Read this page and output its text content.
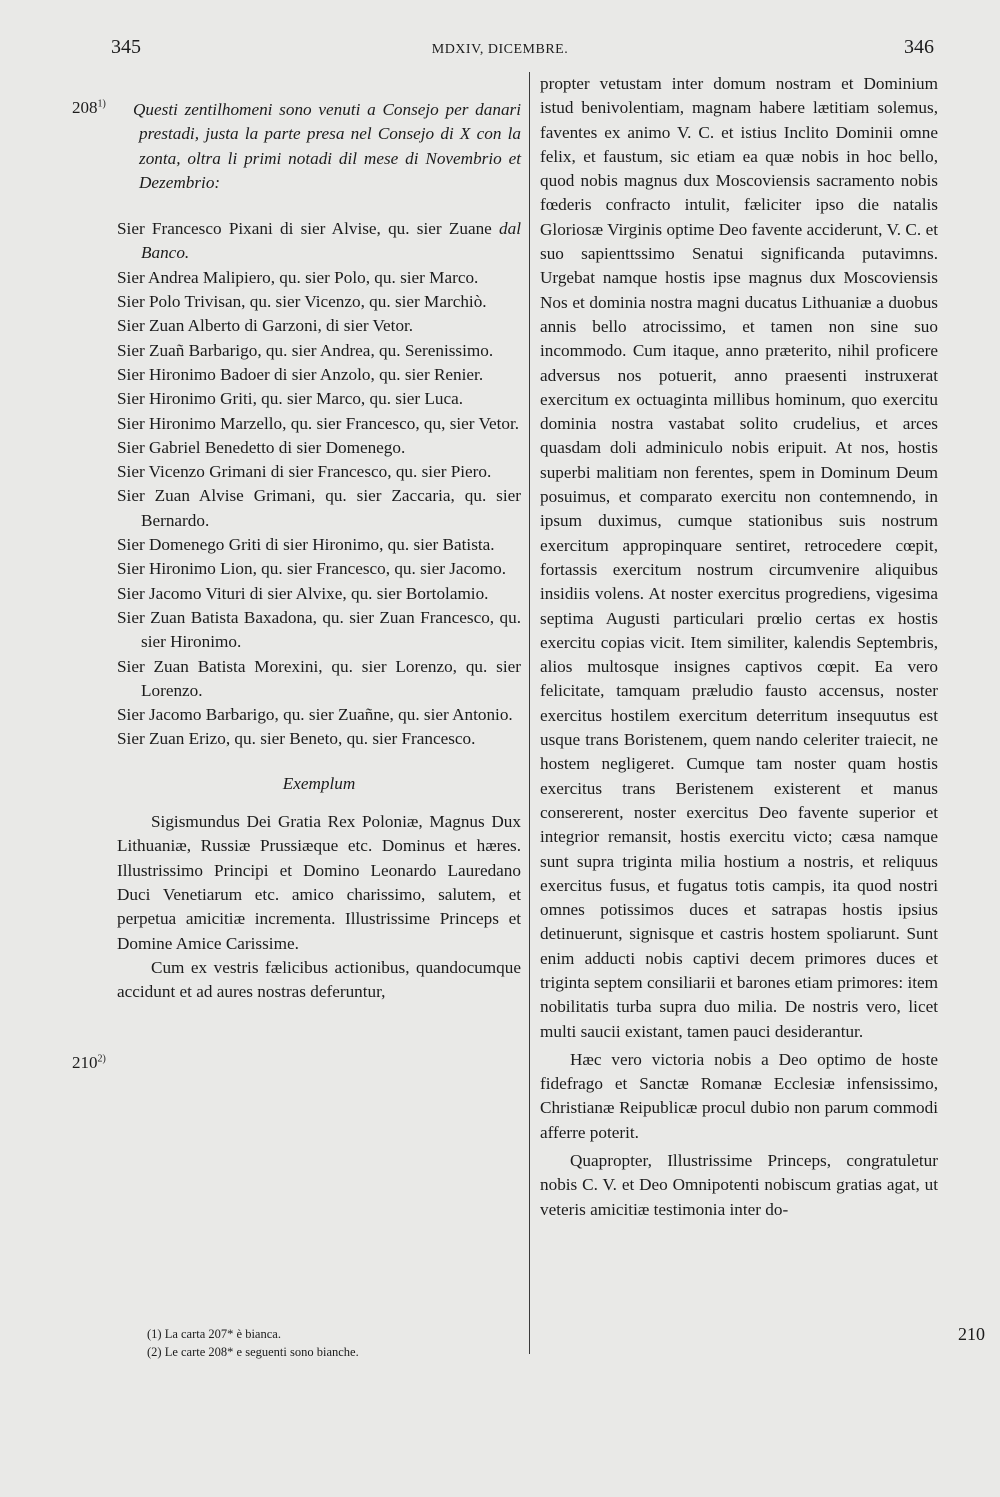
345	MDXIV, DICEMBRE.	346
208$^{1)}$
210$^{2)}$
210
Questi zentilhomeni sono venuti a Consejo per danari prestadi, justa la parte presa nel Consejo di X con la zonta, oltra li primi notadi dil mese di Novembrio et Dezembrio:
Sier Francesco Pixani di sier Alvise, qu. sier Zuane dal Banco.
Sier Andrea Malipiero, qu. sier Polo, qu. sier Marco.
Sier Polo Trivisan, qu. sier Vicenzo, qu. sier Marchiò.
Sier Zuan Alberto di Garzoni, di sier Vetor.
Sier Zuañ Barbarigo, qu. sier Andrea, qu. Serenissimo.
Sier Hironimo Badoer di sier Anzolo, qu. sier Renier.
Sier Hironimo Griti, qu. sier Marco, qu. sier Luca.
Sier Hironimo Marzello, qu. sier Francesco, qu, sier Vetor.
Sier Gabriel Benedetto di sier Domenego.
Sier Vicenzo Grimani di sier Francesco, qu. sier Piero.
Sier Zuan Alvise Grimani, qu. sier Zaccaria, qu. sier Bernardo.
Sier Domenego Griti di sier Hironimo, qu. sier Batista.
Sier Hironimo Lion, qu. sier Francesco, qu. sier Jacomo.
Sier Jacomo Vituri di sier Alvixe, qu. sier Bortolamio.
Sier Zuan Batista Baxadona, qu. sier Zuan Francesco, qu. sier Hironimo.
Sier Zuan Batista Morexini, qu. sier Lorenzo, qu. sier Lorenzo.
Sier Jacomo Barbarigo, qu. sier Zuañne, qu. sier Antonio.
Sier Zuan Erizo, qu. sier Beneto, qu. sier Francesco.
Exemplum
Sigismundus Dei Gratia Rex Poloniæ, Magnus Dux Lithuaniæ, Russiæ Prussiæque etc. Dominus et hæres. Illustrissimo Principi et Domino Leonardo Lauredano Duci Venetiarum etc. amico charissimo, salutem, et perpetua amicitiæ incrementa. Illustrissime Princeps et Domine Amice Carissime.
Cum ex vestris fælicibus actionibus, quandocumque accidunt et ad aures nostras deferuntur,
(1) La carta 207* è bianca.
(2) Le carte 208* e seguenti sono bianche.
propter vetustam inter domum nostram et Dominium istud benivolentiam, magnam habere lætitiam solemus, faventes ex animo V. C. et istius Inclito Dominii omne felix, et faustum, sic etiam ea quæ nobis in hoc bello, quod nobis magnus dux Moscoviensis sacramento nobis fœderis confracto intulit, fæliciter ipso die natalis Gloriosæ Virginis optime Deo favente acciderunt, V. C. et suo sapienttssimo Senatui significanda putavimns. Urgebat namque hostis ipse magnus dux Moscoviensis Nos et dominia nostra magni ducatus Lithuaniæ a duobus annis bello atrocissimo, et tamen non sine suo incommodo. Cum itaque, anno præterito, nihil proficere adversus nos potuerit, anno praesenti instruxerat exercitum ex octuaginta millibus hominum, quo exercitu dominia nostra vastabat solito crudelius, et arces quasdam doli adminiculo nobis eripuit. At nos, hostis superbi malitiam non ferentes, spem in Dominum Deum posuimus, et comparato exercitu non contemnendo, in ipsum duximus, cumque stationibus suis nostrum exercitum appropinquare sentiret, retrocedere cœpit, fortassis exercitum nostrum circumvenire aliquibus insidiis volens. At noster exercitus progrediens, vigesima septima Augusti particulari prœlio certas ex hostis exercitu copias vicit. Item similiter, kalendis Septembris, alios multosque insignes captivos cœpit. Ea vero felicitate, tamquam præludio fausto accensus, noster exercitus hostilem exercitum deterritum insequutus est usque trans Boristenem, quem nando celeriter traiecit, ne hostem negligeret. Cumque tam noster quam hostis exercitus trans Beristenem existerent et manus consererent, noster exercitus Deo favente superior et integrior remansit, hostis exercitu victo; cæsa namque sunt supra triginta milia hostium a nostris, et reliquus exercitus fusus, et fugatus totis campis, ita quod nostri omnes potissimos duces et satrapas hostis ipsius detinuerunt, signisque et castris hostem spoliarunt. Sunt enim adducti nobis captivi decem primores duces et triginta septem consiliarii et barones etiam primores: item nobilitatis turba supra duo milia. De nostris vero, licet multi saucii existant, tamen pauci desiderantur.
Hæc vero victoria nobis a Deo optimo de hoste fidefrago et Sanctæ Romanæ Ecclesiæ infensissimo, Christianæ Reipublicæ procul dubio non parum commodi afferre poterit.
Quapropter, Illustrissime Princeps, congratuletur nobis C. V. et Deo Omnipotenti nobiscum gratias agat, ut veteris amicitiæ testimonia inter do-
